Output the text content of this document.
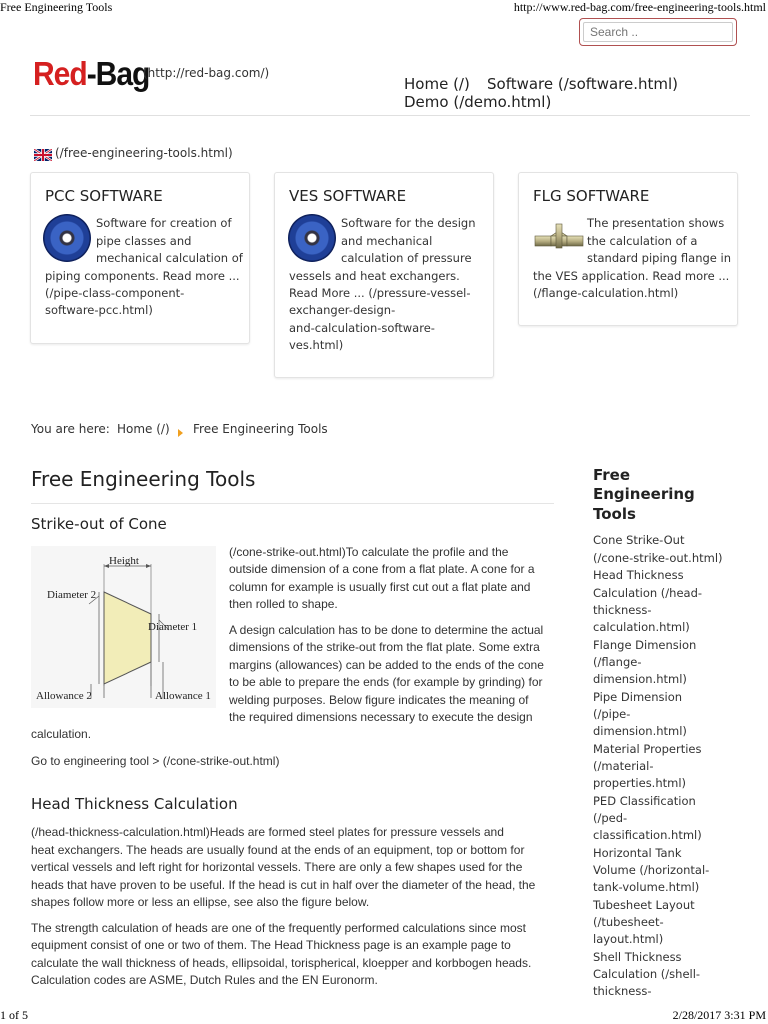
Free Engineering Tools	http://www.red-bag.com/free-engineering-tools.html
Search ..
Red-Bag
(http://red-bag.com/)
Home (/) Software (/software.html)
Demo (/demo.html)
(/free-engineering-tools.html)
PCC SOFTWARE
Software for creation of
pipe classes and
mechanical calculation of
piping components. Read more ...
(/pipe-class-component-
software-pcc.html)
VES SOFTWARE
Software for the design
and mechanical
calculation of pressure
vessels and heat exchangers.
Read More ... (/pressure-vessel-
exchanger-design-
and-calculation-software-
ves.html)
FLG SOFTWARE
The presentation shows
the calculation of a
standard piping flange in
the VES application. Read more ...
(/flange-calculation.html)
You are here: Home (/) Free Engineering Tools
Free Engineering Tools
Strike-out of Cone
Height
Diameter 2
Diameter 1
Allowance 2	Allowance 1
(/cone-strike-out.html)To calculate the profile and the
outside dimension of a cone from a flat plate. A cone for a
column for example is usually first cut out a flat plate and
then rolled to shape.
A design calculation has to be done to determine the actual
dimensions of the strike-out from the flat plate. Some extra
margins (allowances) can be added to the ends of the cone
to be able to prepare the ends (for example by grinding) for
welding purposes. Below figure indicates the meaning of
the required dimensions necessary to execute the design
calculation.
Go to engineering tool > (/cone-strike-out.html)
Head Thickness Calculation
(/head-thickness-calculation.html)Heads are formed steel plates for pressure vessels and
heat exchangers. The heads are usually found at the ends of an equipment, top or bottom for
vertical vessels and left right for horizontal vessels. There are only a few shapes used for the
heads that have proven to be useful. If the head is cut in half over the diameter of the head, the
shapes follow more or less an ellipse, see also the figure below.
The strength calculation of heads are one of the frequently performed calculations since most
equipment consist of one or two of them. The Head Thickness page is an example page to
calculate the wall thickness of heads, ellipsoidal, torispherical, kloepper and korbbogen heads.
Calculation codes are ASME, Dutch Rules and the EN Euronorm.
Free
Engineering
Tools
Cone Strike-Out
(/cone-strike-out.html)
Head Thickness
Calculation (/head-
thickness-
calculation.html)
Flange Dimension
(/flange-
dimension.html)
Pipe Dimension
(/pipe-
dimension.html)
Material Properties
(/material-
properties.html)
PED Classification
(/ped-
classification.html)
Horizontal Tank
Volume (/horizontal-
tank-volume.html)
Tubesheet Layout
(/tubesheet-
layout.html)
Shell Thickness
Calculation (/shell-
thickness-
1 of 5	2/28/2017 3:31 PM
